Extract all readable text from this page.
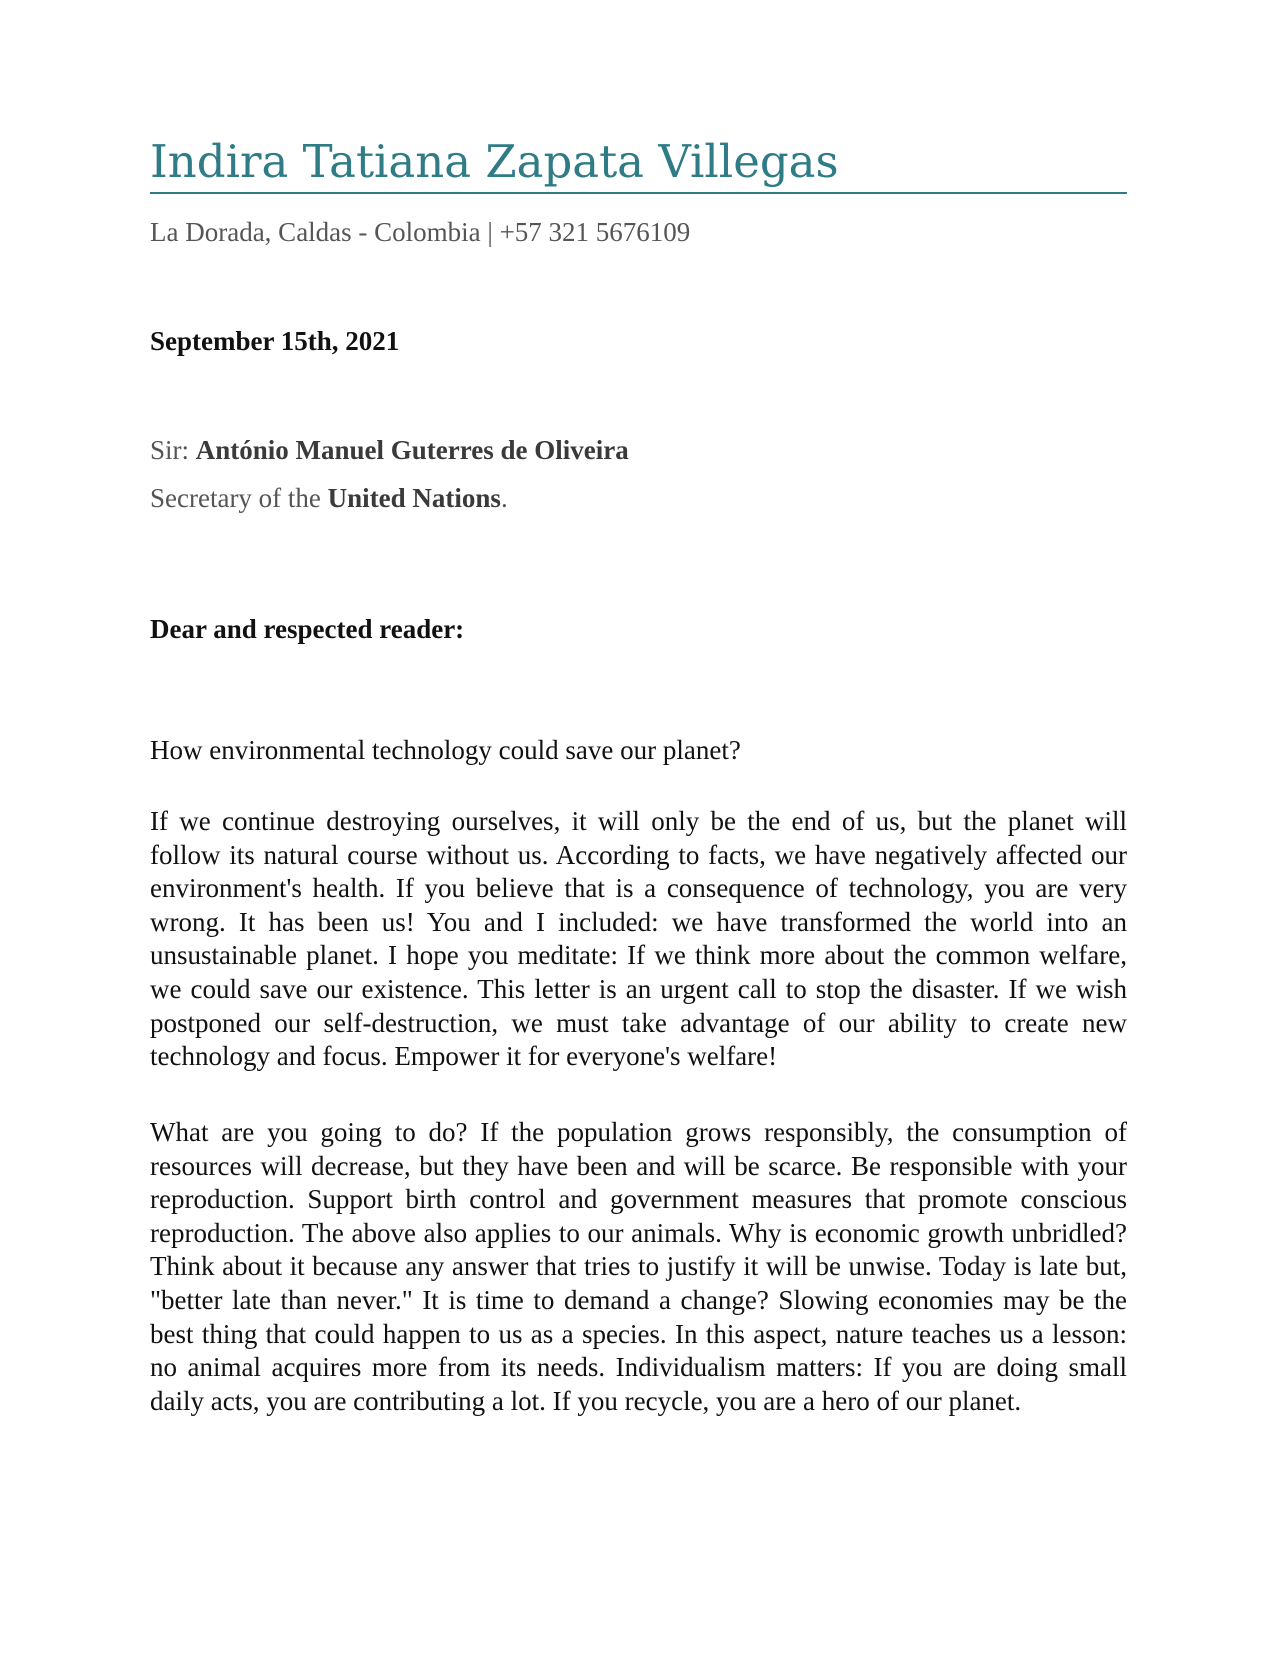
Indira Tatiana Zapata Villegas
La Dorada, Caldas - Colombia | +57 321 5676109
September 15th, 2021
Sir: António Manuel Guterres de Oliveira
Secretary of the United Nations.
Dear and respected reader:
How environmental technology could save our planet?

If we continue destroying ourselves, it will only be the end of us, but the planet will follow its natural course without us. According to facts, we have negatively affected our environment's health. If you believe that is a consequence of technology, you are very wrong. It has been us! You and I included: we have transformed the world into an unsustainable planet. I hope you meditate: If we think more about the common welfare, we could save our existence. This letter is an urgent call to stop the disaster. If we wish postponed our self-destruction, we must take advantage of our ability to create new technology and focus. Empower it for everyone's welfare!

What are you going to do? If the population grows responsibly, the consumption of resources will decrease, but they have been and will be scarce. Be responsible with your reproduction. Support birth control and government measures that promote conscious reproduction. The above also applies to our animals. Why is economic growth unbridled? Think about it because any answer that tries to justify it will be unwise. Today is late but, "better late than never." It is time to demand a change? Slowing economies may be the best thing that could happen to us as a species. In this aspect, nature teaches us a lesson: no animal acquires more from its needs. Individualism matters: If you are doing small daily acts, you are contributing a lot. If you recycle, you are a hero of our planet.
